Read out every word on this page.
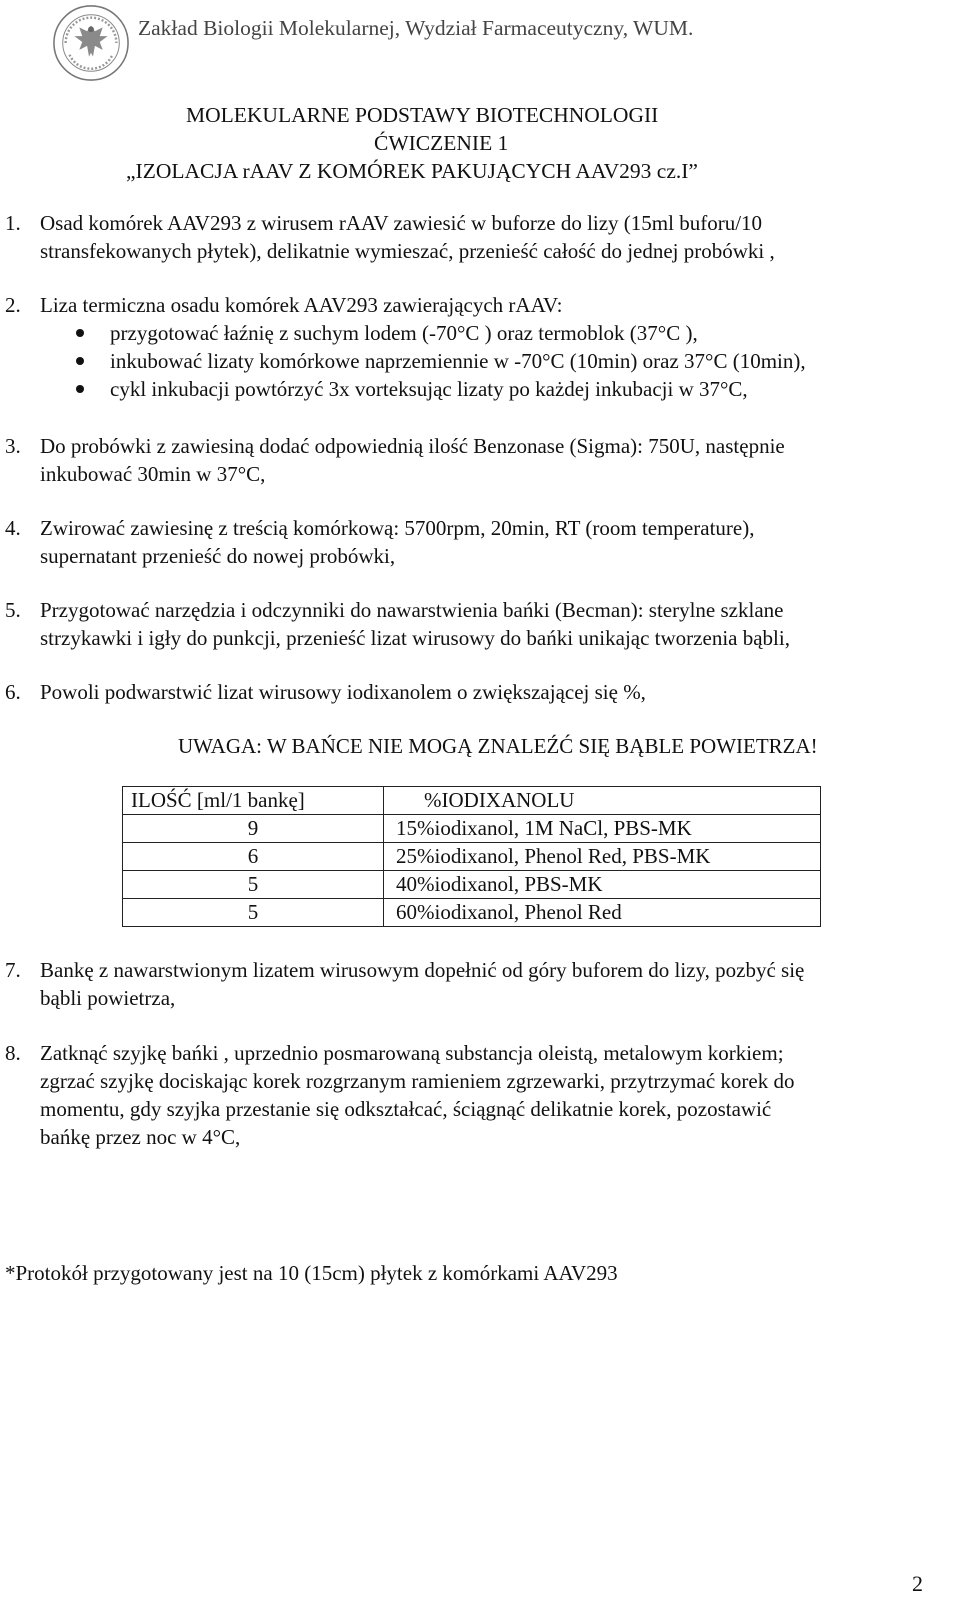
Zakład Biologii Molekularnej, Wydział Farmaceutyczny, WUM.
MOLEKULARNE PODSTAWY BIOTECHNOLOGII
ĆWICZENIE 1
„IZOLACJA rAAV Z KOMÓREK PAKUJĄCYCH AAV293 cz.I”
1. Osad komórek AAV293 z wirusem rAAV zawiesić w buforze do lizy (15ml buforu/10
stransfekowanych płytek), delikatnie wymieszać, przenieść całość do jednej probówki ,
2. Liza termiczna osadu komórek AAV293 zawierających rAAV:
przygotować łaźnię z suchym lodem (-70°C ) oraz termoblok (37°C ),
inkubować lizaty komórkowe naprzemiennie w -70°C (10min) oraz 37°C (10min),
cykl inkubacji powtórzyć 3x vorteksując lizaty po każdej inkubacji w 37°C,
3. Do probówki z zawiesiną dodać odpowiednią ilość Benzonase (Sigma): 750U, następnie
inkubować 30min w 37°C,
4. Zwirować zawiesinę z treścią komórkową: 5700rpm, 20min, RT (room temperature),
supernatant przenieść do nowej probówki,
5. Przygotować narzędzia i odczynniki do nawarstwienia bańki (Becman): sterylne szklane
strzykawki i igły do punkcji, przenieść lizat wirusowy do bańki unikając tworzenia bąbli,
6. Powoli podwarstwić lizat wirusowy iodixanolem o zwiększającej się %,
UWAGA: W BAŃCE NIE MOGĄ ZNALEŹĆ SIĘ BĄBLE POWIETRZA!
ILOŚĆ [ml/1 bankę]	%IODIXANOLU
9	15%iodixanol, 1M NaCl, PBS-MK
6	25%iodixanol, Phenol Red, PBS-MK
5	40%iodixanol, PBS-MK
5	60%iodixanol, Phenol Red
7. Bankę z nawarstwionym lizatem wirusowym dopełnić od góry buforem do lizy, pozbyć się
bąbli powietrza,
8. Zatknąć szyjkę bańki , uprzednio posmarowaną substancja oleistą, metalowym korkiem;
zgrzać szyjkę dociskając korek rozgrzanym ramieniem zgrzewarki, przytrzymać korek do
momentu, gdy szyjka przestanie się odkształcać, ściągnąć delikatnie korek, pozostawić
bańkę przez noc w 4°C,
*Protokół przygotowany jest na 10 (15cm) płytek z komórkami AAV293
2
